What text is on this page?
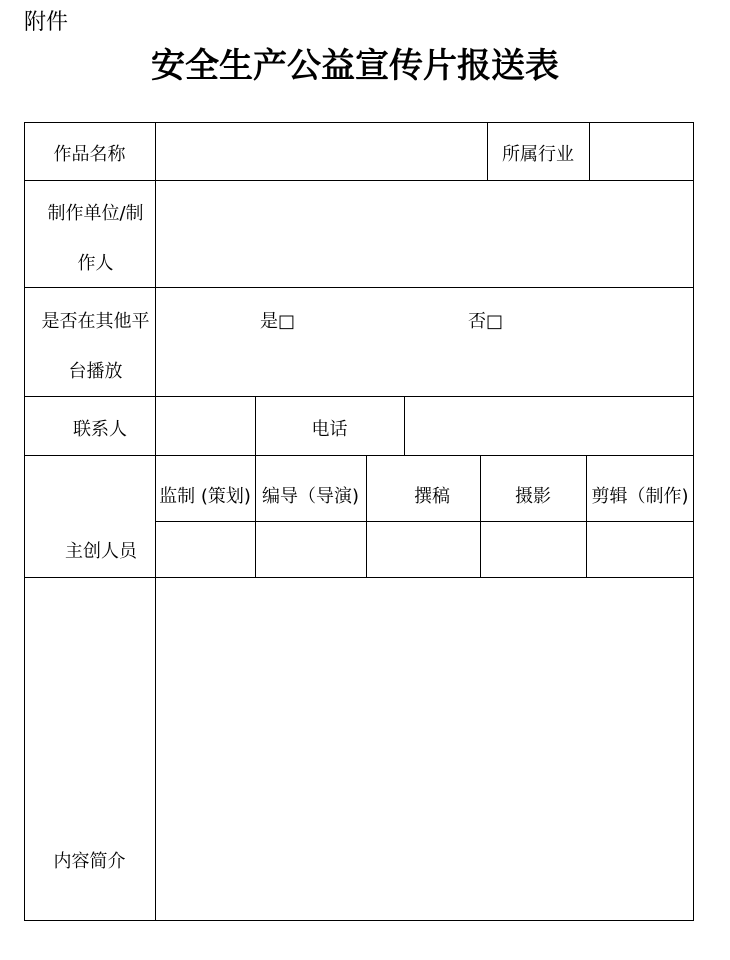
附件
安全生产公益宣传片报送表
作品名称	所属行业
制作单位/制
作人
是否在其他平
台播放
是□	否□
联系人	电话
主创人员
监制 (策划) 编导（导演)	撰稿	摄影	剪辑（制作)
内容简介
